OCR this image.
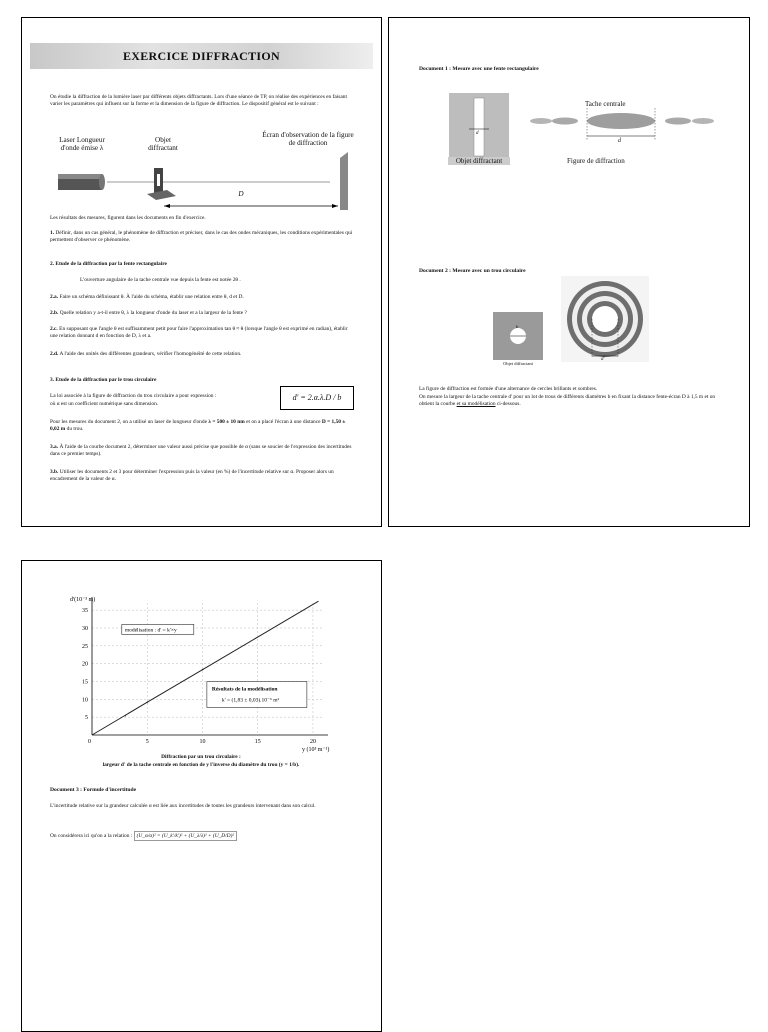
EXERCICE DIFFRACTION
On étudie la diffraction de la lumière laser par différents objets diffractants. Lors d'une séance de TP, on réalise des expériences en faisant varier les paramètres qui influent sur la forme et la dimension de la figure de diffraction. Le dispositif général est le suivant :
Laser Longueur d'onde émise λ
Objet diffractant
Écran d'observation de la figure de diffraction
D
Les résultats des mesures, figurent dans les documents en fin d'exercice.
1. Définir, dans un cas général, le phénomène de diffraction et préciser, dans le cas des ondes mécaniques, les conditions expérimentales qui permettent d'observer ce phénomène.
2. Etude de la diffraction par la fente rectangulaire
L'ouverture angulaire de la tache centrale vue depuis la fente est notée 2θ .
2.a. Faire un schéma définissant θ. À l'aide du schéma, établir une relation entre θ, d et D.
2.b. Quelle relation y a-t-il entre θ, λ la longueur d'onde du laser et a la largeur de la fente ?
2.c. En supposant que l'angle θ est suffisamment petit pour faire l'approximation tan θ ≈ θ (lorsque l'angle θ est exprimé en radian), établir une relation donnant d en fonction de D, λ et a.
2.d. A l'aide des unités des différentes grandeurs, vérifier l'homogénéité de cette relation.
3. Etude de la diffraction par le trou circulaire
La loi associée à la figure de diffraction du trou circulaire a pour expression :
où α est un coefficient numérique sans dimension.
d' = 2.α.λ.D / b
Pour les mesures du document 2, on a utilisé un laser de longueur d'onde λ = 500 ± 10 nm et on a placé l'écran à une distance D = 1,50 ± 0,02 m du trou.
3.a. À l'aide de la courbe document 2, déterminer une valeur aussi précise que possible de α (sans se soucier de l'expression des incertitudes dans ce premier temps).
3.b. Utiliser les documents 2 et 3 pour déterminer l'expression puis la valeur (en %) de l'incertitude relative sur α. Proposer alors un encadrement de la valeur de α.
Document 1 : Mesure avec une fente rectangulaire
d
Objet diffractant
Tache centrale
d
Figure de diffraction
Document 2 : Mesure avec un trou circulaire
b
Objet diffractant
d'
La figure de diffraction est formée d'une alternance de cercles brillants et sombres.
On mesure la largeur de la tache centrale d' pour un lot de trous de différents diamètres b en fixant la distance fente-écran D à 1,5 m et on obtient la courbe et sa modélisation ci-dessous.
5
10
15
20
25
30
35
5	10	15	20
0
d'(10⁻³ m)
y (10³ m⁻¹)
+
+
+
modélisation : d' = k'×y
Résultats de la modélisation
k' = (1,83 ± 0,03).10⁻⁶ m²
Diffraction par un trou circulaire :
largeur d' de la tache centrale en fonction de y l'inverse du diamètre du trou (y = 1/b).
Document 3 : Formule d'incertitude
L'incertitude relative sur la grandeur calculée α est liée aux incertitudes de toutes les grandeurs intervenant dans son calcul.
On considérera ici qu'on a la relation : (U_α/α)² = (U_k'/k')² + (U_λ/λ)² + (U_D/D)²
